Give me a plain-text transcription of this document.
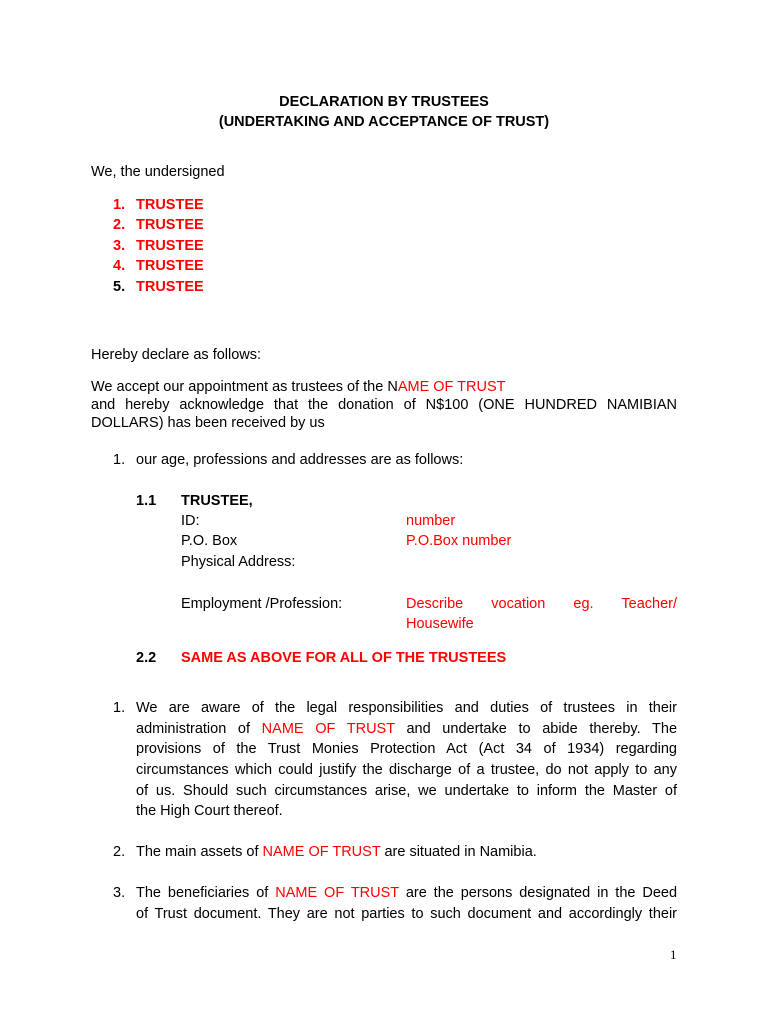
DECLARATION BY TRUSTEES
(UNDERTAKING AND ACCEPTANCE OF TRUST)
We, the undersigned
1. TRUSTEE
2. TRUSTEE
3. TRUSTEE
4. TRUSTEE
5. TRUSTEE
Hereby declare as follows:
We accept our appointment as trustees of the NAME OF TRUST
and hereby acknowledge that the donation of N$100 (ONE HUNDRED NAMIBIAN
DOLLARS) has been received by us
1. our age, professions and addresses are as follows:
1.1 TRUSTEE,
ID:	number
P.O. Box	P.O.Box number
Physical Address:
Employment /Profession:	Describe vocation eg. Teacher/
Housewife
2.2 SAME AS ABOVE FOR ALL OF THE TRUSTEES
1. We are aware of the legal responsibilities and duties of trustees in their
administration of NAME OF TRUST and undertake to abide thereby. The
provisions of the Trust Monies Protection Act (Act 34 of 1934) regarding
circumstances which could justify the discharge of a trustee, do not apply to any
of us. Should such circumstances arise, we undertake to inform the Master of
the High Court thereof.
2. The main assets of NAME OF TRUST are situated in Namibia.
3. The beneficiaries of NAME OF TRUST are the persons designated in the Deed
of Trust document. They are not parties to such document and accordingly their
1
